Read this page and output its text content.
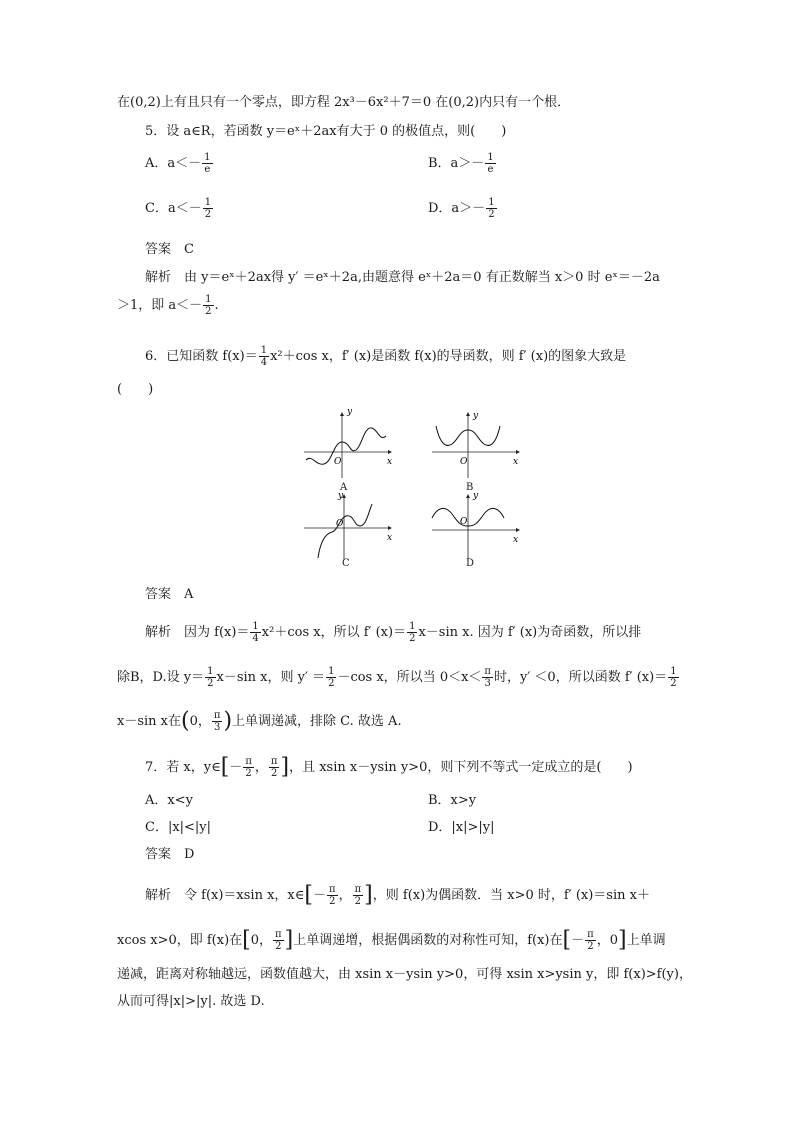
在(0,2)上有且只有一个零点，即方程 2x³－6x²＋7＝0 在(0,2)内只有一个根．
5．设 a∈R，若函数 y＝eˣ＋2ax有大于 0 的极值点，则(　　)
A．$a<- \frac{1}{e}$	B．$a>- \frac{1}{e}$
C．$a<- \frac{1}{2}$	D．$a>- \frac{1}{2}$
答案　C
解析　由 y＝eˣ＋2ax得 y′ ＝eˣ＋2a,由题意得 eˣ＋2a＝0 有正数解当 x＞0 时 eˣ＝－2a
＞1，即 $a<- \frac{1}{2}$ .
6．已知函数 $f(x)= \frac{1}{4} x^2+\cos$ x，f′ (x)是函数 f(x)的导函数，则 f′ (x)的图象大致是
(　　)
y
x
O
A
y
x
O
B
y
x
O
C
y
x
O
D
答案　A
解析　因为 $f(x)= \frac{1}{4} x^2+\cos$ x，所以 f′ $(x)= \frac{1}{2} x-\sin$ x. 因为 f′ (x)为奇函数，所以排
除B，D.设 $y= \frac{1}{2} x-\sin$ x，则 $y' = \frac{1}{2} -\cos$ x，所以当 $0<x< \frac{\pi}{3}$ 时，y′ ＜0，所以函数 f′ $(x)= \frac{1}{2}$
x－sin x在(0， $\frac{\pi}{3}$ )上单调递减，排除 C. 故选 A.
7．若 x，y∈[－ $\frac{\pi}{2}$ ， $\frac{\pi}{2}$ ]，且 xsin x－ysin y>0，则下列不等式一定成立的是(　　)
A．x<y	B．x>y
C．|x|<|y|	D．|x|>|y|
答案　D
解析　令 f(x)＝xsin x，x∈[－ $\frac{\pi}{2}$ ， $\frac{\pi}{2}$ ]，则 f(x)为偶函数．当 x>0 时，f′ (x)＝sin x＋
xcos x>0，即 f(x)在[0， $\frac{\pi}{2}$ ]上单调递增，根据偶函数的对称性可知，f(x)在[－ $\frac{\pi}{2}$ ，0]上单调
递减，距离对称轴越远，函数值越大，由 xsin x－ysin y>0，可得 xsin x>ysin y，即 f(x)>f(y)，
从而可得|x|>|y|. 故选 D.
